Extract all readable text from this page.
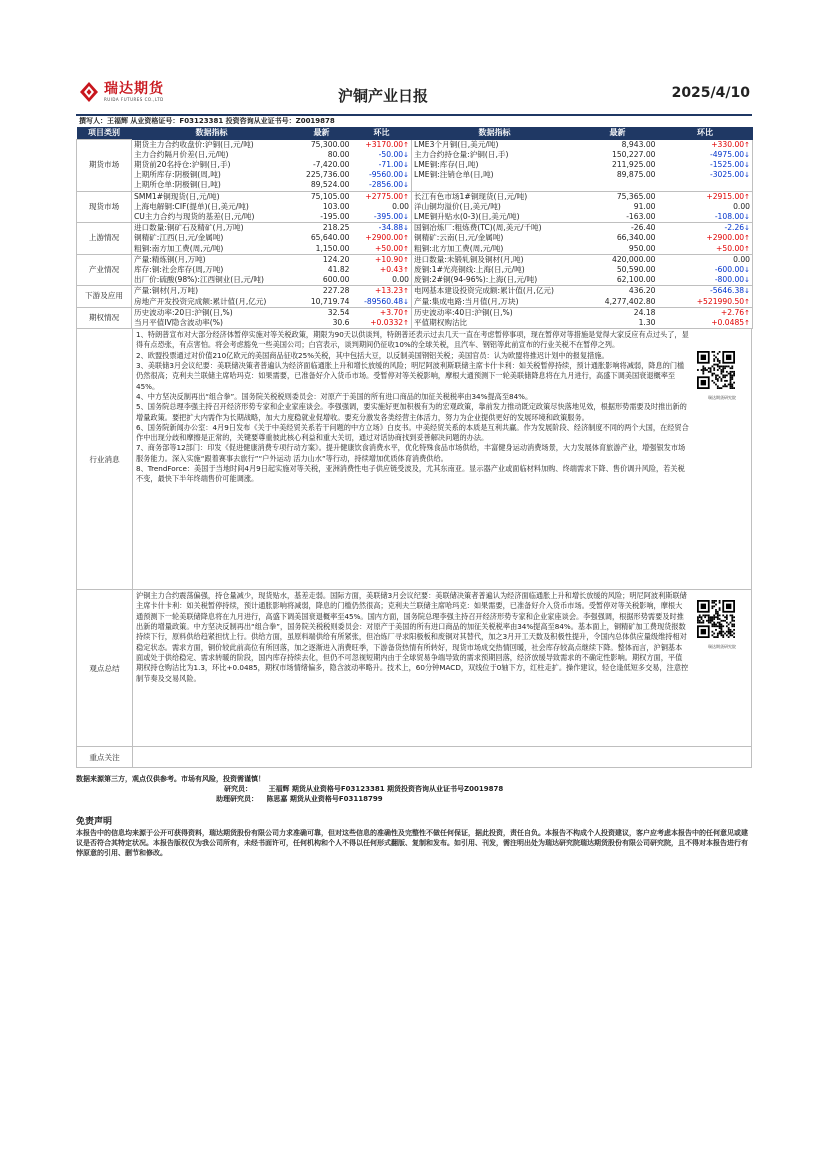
瑞达期货
RUIDA FUTURES CO.,LTD	沪铜产业日报	2025/4/10
撰写人：王福辉 从业资格证号：F03123381 投资咨询从业证书号：Z0019878
项目类别	数据指标	最新	环比	数据指标	最新	环比
期货市场	期货主力合约收盘价:沪铜(日,元/吨)	75,300.00	+3170.00↑	LME3个月铜(日,美元/吨)	8,943.00	+330.00↑
	主力合约隔月价差(日,元/吨)	80.00	-50.00↓	主力合约持仓量:沪铜(日,手)	150,227.00	-4975.00↓
	期货前20名持仓:沪铜(日,手)	-7,420.00	-71.00↓	LME铜:库存(日,吨)	211,925.00	-1525.00↓
	上期所库存:阴极铜(周,吨)	225,736.00	-9560.00↓	LME铜:注销仓单(日,吨)	89,875.00	-3025.00↓
	上期所仓单:阴极铜(日,吨)	89,524.00	-2856.00↓			
现货市场	SMM1#铜现货(日,元/吨)	75,105.00	+2775.00↑	长江有色市场1#铜现货(日,元/吨)	75,365.00	+2915.00↑
	上海电解铜:CIF(提单)(日,美元/吨)	103.00	0.00	洋山铜均溢价(日,美元/吨)	91.00	0.00
	CU主力合约与现货的基差(日,元/吨)	-195.00	-395.00↓	LME铜升贴水(0-3)(日,美元/吨)	-163.00	-108.00↓
上游情况	进口数量:铜矿石及精矿(月,万吨)	218.25	-34.88↓	国铜冶炼厂:粗炼费(TC)(周,美元/千吨)	-26.40	-2.26↓
	铜精矿:江西(日,元/金属吨)	65,640.00	+2900.00↑	铜精矿:云南(日,元/金属吨)	66,340.00	+2900.00↑
	粗铜:南方加工费(周,元/吨)	1,150.00	+50.00↑	粗铜:北方加工费(周,元/吨)	950.00	+50.00↑
产业情况	产量:精炼铜(月,万吨)	124.20	+10.90↑	进口数量:未锻轧铜及铜材(月,吨)	420,000.00	0.00
	库存:铜:社会库存(周,万吨)	41.82	+0.43↑	废铜:1#光亮铜线:上海(日,元/吨)	50,590.00	-600.00↓
	出厂价:硫酸(98%):江西铜业(日,元/吨)	600.00	0.00	废铜:2#铜(94-96%):上海(日,元/吨)	62,100.00	-800.00↓
下游及应用	产量:铜材(月,万吨)	227.28	+13.23↑	电网基本建设投资完成额:累计值(月,亿元)	436.20	-5646.38↓
	房地产开发投资完成额:累计值(月,亿元)	10,719.74	-89560.48↓	产量:集成电路:当月值(月,万块)	4,277,402.80	+521990.50↑
期权情况	历史波动率:20日:沪铜(日,%)	32.54	+3.70↑	历史波动率:40日:沪铜(日,%)	24.18	+2.76↑
	当月平值IV隐含波动率(%)	30.6	+0.0332↑	平值期权购沽比	1.30	+0.0485↑
行业消息
瑞达期货研究院
1、特朗普宣布对大部分经济体暂停实施对等关税政策，期限为90天以供谈判，特朗普还表示过去几天一直在考虑暂停事项，现在暂停对等措施是觉得大家反应有点过头了，显得有点恐张，有点害怕。将会考虑豁免一些美国公司；白宫表示，谈判期间仍征收10%的全球关税，且汽车、钢铝等此前宣布的行业关税不在暂停之列。
2、欧盟投票通过对价值210亿欧元的美国商品征收25%关税，其中包括大豆，以反制美国钢铝关税；美国官员：认为欧盟将推迟计划中的报复措施。
3、美联储3月会议纪要：美联储决策者普遍认为经济面临通胀上升和增长放缓的风险；明尼阿波利斯联储主席卡什卡利：如关税暂停持续，预计通胀影响将减弱，降息的门槛仍然很高；克利夫兰联储主席哈玛克：如果需要，已准备好介入货币市场。受暂停对等关税影响，摩根大通预测下一轮美联储降息将在九月进行，高盛下调美国衰退概率至45%。
4、中方坚决反制再出“组合拳”。国务院关税税则委员会：对原产于美国的所有进口商品的加征关税税率由34%提高至84%。
5、国务院总理李强主持召开经济形势专家和企业家座谈会。李强强调，要实施好更加积极有为的宏观政策，靠前发力推动既定政策尽快落地见效，根据形势需要及时推出新的增量政策。要把扩大内需作为长期战略，加大力度稳就业促增收。要充分激发各类经营主体活力，努力为企业提供更好的发展环境和政策服务。
6、国务院新闻办公室：4月9日发布《关于中美经贸关系若干问题的中方立场》白皮书。中美经贸关系的本质是互利共赢。作为发展阶段、经济制度不同的两个大国，在经贸合作中出现分歧和摩擦是正常的，关键要尊重彼此核心利益和重大关切，通过对话协商找到妥善解决问题的办法。
7、商务部等12部门：印发《促进健康消费专项行动方案》。提升健康饮食消费水平，优化特殊食品市场供给，丰富健身运动消费场景，大力发展体育旅游产业，增强银发市场服务能力。深入实施“跟着赛事去旅行”“户外运动 活力山水”等行动，持续增加优质体育消费供给。
8、TrendForce：美国于当地时间4月9日起实施对等关税，亚洲消费性电子供应链受波及，尤其东南亚。显示器产业或面临材料加购、终端需求下降、售价调升风险，若关税不变，最快下半年终端售价可能调涨。
观点总结
沪铜主力合约震荡偏强，持仓量减少，现货贴水，基差走弱。国际方面，美联储3月会议纪要：美联储决策者普遍认为经济面临通胀上升和增长放缓的风险；明尼阿波利斯联储主席卡什卡利：如关税暂停持续，预计通胀影响将减弱，降息的门槛仍然很高；克利夫兰联储主席哈玛克：如果需要，已准备好介入货币市场。受暂停对等关税影响，摩根大通预测下一轮美联储降息将在九月进行，高盛下调美国衰退概率至45%。国内方面，国务院总理李强主持召开经济形势专家和企业家座谈会。李强强调，根据形势需要及时推出新的增量政策。中方坚决反制再出“组合拳”，国务院关税税则委员会：对原产于美国的所有进口商品的加征关税税率由34%提高至84%。基本面上，铜精矿加工费现货报数持续下行，原料供给趋紧担忧上行。供给方面，虽原料端供给有所紧张，但冶炼厂寻求阳极板和废铜对其替代，加之3月开工天数及积极性提升，令国内总体供应量级维持相对稳定状态。需求方面，铜价较此前高位有所回落，加之逐渐进入消费旺季，下游备货热情有所转好，现货市场成交热情回暖，社会库存较高点继续下降。整体而言，沪铜基本面或处于供给稳定、需求转暖的阶段，国内库存持续去化，但仍不可忽视短期内由于全球贸易争端导致的需求预期回落，经济放缓导致需求的不确定性影响。期权方面，平值期权持仓购沽比为1.3，环比+0.0485，期权市场情绪偏多，隐含波动率略升。技术上，60分钟MACD，双线位于0轴下方，红柱走扩。操作建议，轻仓逢低短多交易，注意控制节奏及交易风险。
瑞达期货研究院
重点关注
数据来源第三方，观点仅供参考。市场有风险，投资需谨慎！
研究员： 王福辉 期货从业资格号F03123381 期货投资咨询从业证书号Z0019878
助理研究员： 陈思嘉 期货从业资格号F03118799
免责声明
本报告中的信息均来源于公开可获得资料，瑞达期货股份有限公司力求准确可靠，但对这些信息的准确性及完整性不做任何保证，据此投资，责任自负。本报告不构成个人投资建议，客户应考虑本报告中的任何意见或建议是否符合其特定状况。本报告版权仅为我公司所有，未经书面许可，任何机构和个人不得以任何形式翻版、复制和发布。如引用、刊发，需注明出处为瑞达研究院瑞达期货股份有限公司研究院，且不得对本报告进行有悖原意的引用、删节和修改。
